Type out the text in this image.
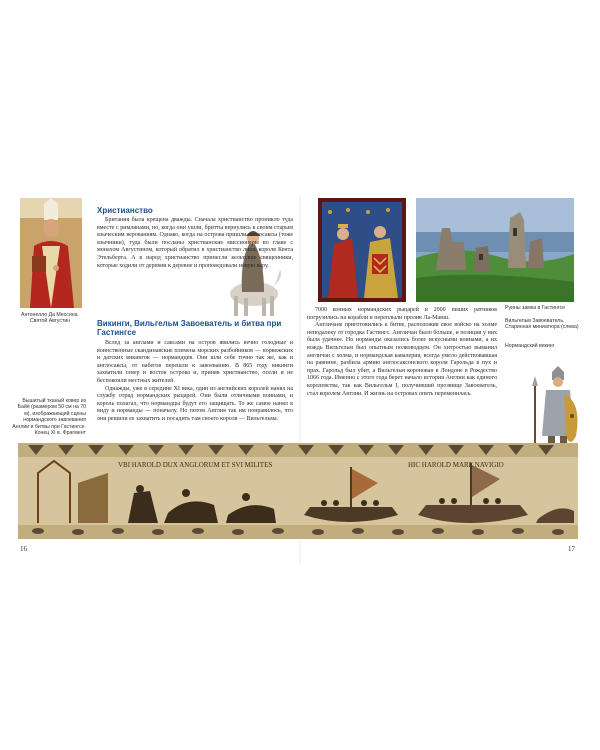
VBI HAROLD DUX ANGLORUM ET SVI MILITES	HIC HAROLD MARE NAVIGIO
Антонелло Да Мессина. Святой Августин
Вышитый тканый ковер из Байё (размером 50 см на 70 м), изображающий сцены нормандского завоевания Англии и битвы при Гастингсе. Конец XI в. Фрагмент
Руины замка в Гастингсе
Вильгельм Завоеватель. Старинная миниатюра (слева)
Нормандский викинг
Христианство
Викинги, Вильгельм Завоеватель и битва при Гастингсе

Британия была крещена дважды. Сначала христианство проникло туда вместе с римлянами, но, когда они ушли, бритты вернулись к своим старым языческим верованиям. Однако, когда на острова пришли англосаксы (тоже язычники), туда были посланы христианские миссионеры во главе с монахом Августином, который обратил в христианство лишь короля Кента Этельберта. А в народ христианство принесли кельтские священники, которые ходили от деревни к деревне и проповедовали новую веру.

Вслед за англами и саксами на остров явились вечно голодные и воинственные скандинавские племена морских разбойников — норвежских и датских викингов — нормандцев. Они шли себе точно так же, как и англосаксы, от набегов перешли к завоеванию. В 865 году викинги захватили север и восток острова и, приняв христианство, осели и не беспокоили местных жителей.

Однажды, уже в середине XI века, один из английских королей нанял на службу отряд нормандских рыцарей. Они были отличными воинами, и король полагал, что нормандцы будут его защищать. То же самое нанял в виду и норманды — поначалу. Но потом Англия так им понравилось, что они решили ее захватить и посадить там своего короля — Вильгельма.

7000 конных нормандских рыцарей и 2000 пеших ратников погрузились на корабли и переплыли пролив Ла-Манш.

Англичане приготовились к битве, расположив свое войско на холме неподалеку от городка Гастингс. Англичан было больше, и позиция у них была удачнее. Но норманды оказались более искусными воинами, а их вождь Вильгельм был опытным полководцем. Он хитростью выманил англичан с холма, и нормандская кавалерия, всегда умело действовавшая на равнине, разбила армию англосаксонского короля Гарольда в пух и прах. Гарольд был убит, а Вильгельм коронован в Лондоне в Рождество 1066 года. Именно с этого года берет начало история Англии как единого королевства, так как Вильгельм I, получивший прозвище Завоеватель, стал королем Англии. И жизнь на островах опять переменилась.

16	17
